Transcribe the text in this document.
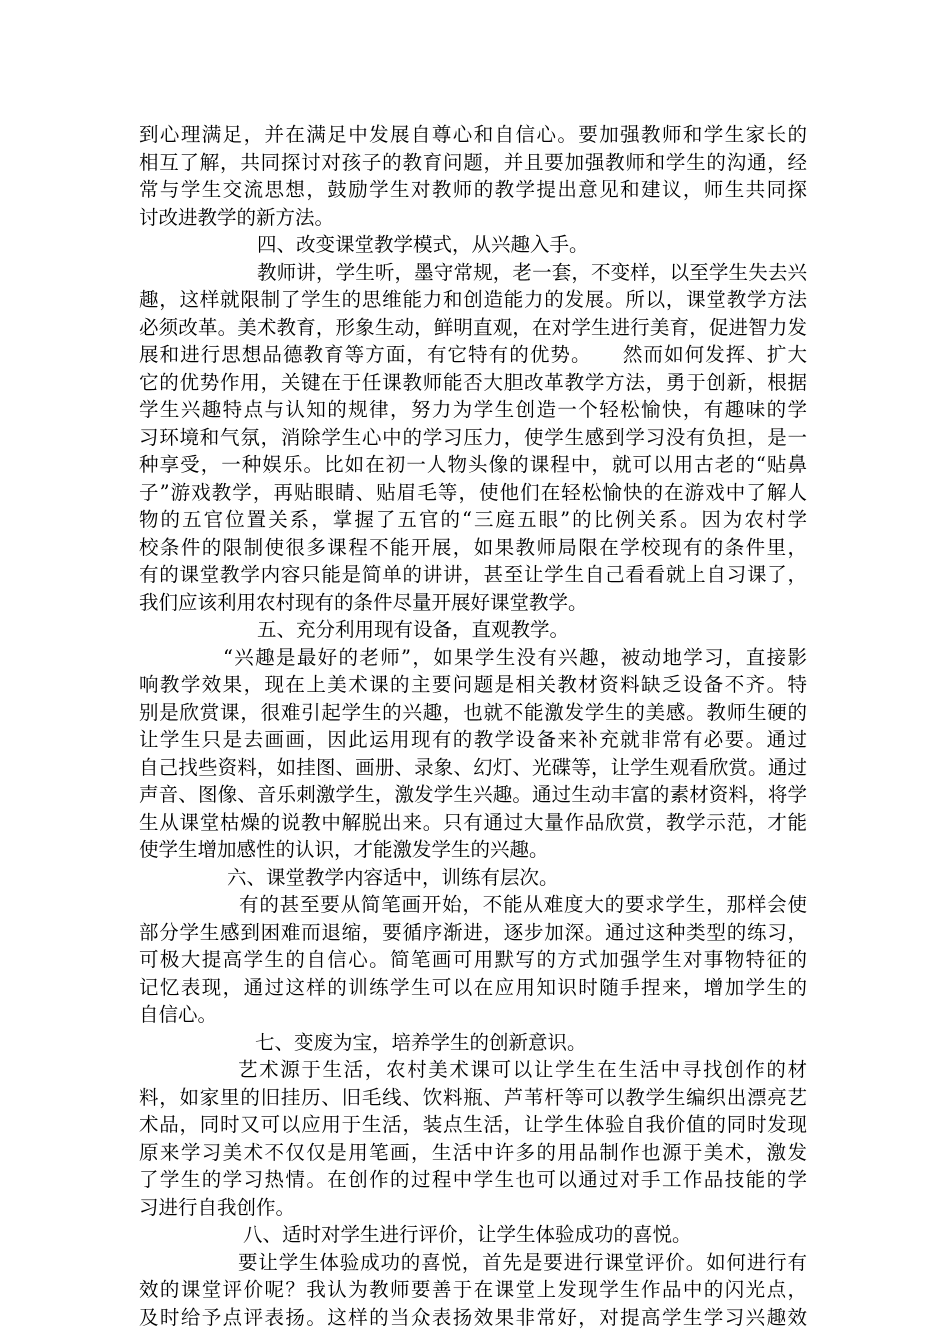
到心理满足，并在满足中发展自尊心和自信心。要加强教师和学生家长的
相互了解，共同探讨对孩子的教育问题，并且要加强教师和学生的沟通，经
常与学生交流思想，鼓励学生对教师的教学提出意见和建议，师生共同探
讨改进教学的新方法。
四、改变课堂教学模式，从兴趣入手。
教师讲，学生听，墨守常规，老一套，不变样，以至学生失去兴
趣，这样就限制了学生的思维能力和创造能力的发展。所以，课堂教学方法
必须改革。美术教育，形象生动，鲜明直观，在对学生进行美育，促进智力发
展和进行思想品德教育等方面，有它特有的优势。　　然而如何发挥、扩大
它的优势作用，关键在于任课教师能否大胆改革教学方法，勇于创新，根据
学生兴趣特点与认知的规律，努力为学生创造一个轻松愉快，有趣味的学
习环境和气氛，消除学生心中的学习压力，使学生感到学习没有负担，是一
种享受，一种娱乐。比如在初一人物头像的课程中，就可以用古老的“贴鼻
子”游戏教学，再贴眼睛、贴眉毛等，使他们在轻松愉快的在游戏中了解人
物的五官位置关系，掌握了五官的“三庭五眼”的比例关系。因为农村学
校条件的限制使很多课程不能开展，如果教师局限在学校现有的条件里，
有的课堂教学内容只能是简单的讲讲，甚至让学生自己看看就上自习课了，
我们应该利用农村现有的条件尽量开展好课堂教学。
五、充分利用现有设备，直观教学。
“兴趣是最好的老师”，如果学生没有兴趣，被动地学习，直接影
响教学效果，现在上美术课的主要问题是相关教材资料缺乏设备不齐。特
别是欣赏课，很难引起学生的兴趣，也就不能激发学生的美感。教师生硬的
让学生只是去画画，因此运用现有的教学设备来补充就非常有必要。通过
自己找些资料，如挂图、画册、录象、幻灯、光碟等，让学生观看欣赏。通过
声音、图像、音乐刺激学生，激发学生兴趣。通过生动丰富的素材资料，将学
生从课堂枯燥的说教中解脱出来。只有通过大量作品欣赏，教学示范，才能
使学生增加感性的认识，才能激发学生的兴趣。
六、课堂教学内容适中，训练有层次。
有的甚至要从简笔画开始，不能从难度大的要求学生，那样会使
部分学生感到困难而退缩，要循序渐进，逐步加深。通过这种类型的练习，
可极大提高学生的自信心。简笔画可用默写的方式加强学生对事物特征的
记忆表现，通过这样的训练学生可以在应用知识时随手捏来，增加学生的
自信心。
七、变废为宝，培养学生的创新意识。
艺术源于生活，农村美术课可以让学生在生活中寻找创作的材
料，如家里的旧挂历、旧毛线、饮料瓶、芦苇杆等可以教学生编织出漂亮艺
术品，同时又可以应用于生活，装点生活，让学生体验自我价值的同时发现
原来学习美术不仅仅是用笔画，生活中许多的用品制作也源于美术，激发
了学生的学习热情。在创作的过程中学生也可以通过对手工作品技能的学
习进行自我创作。
八、适时对学生进行评价，让学生体验成功的喜悦。
要让学生体验成功的喜悦，首先是要进行课堂评价。如何进行有
效的课堂评价呢？我认为教师要善于在课堂上发现学生作品中的闪光点，
及时给予点评表扬。这样的当众表扬效果非常好，对提高学生学习兴趣效
